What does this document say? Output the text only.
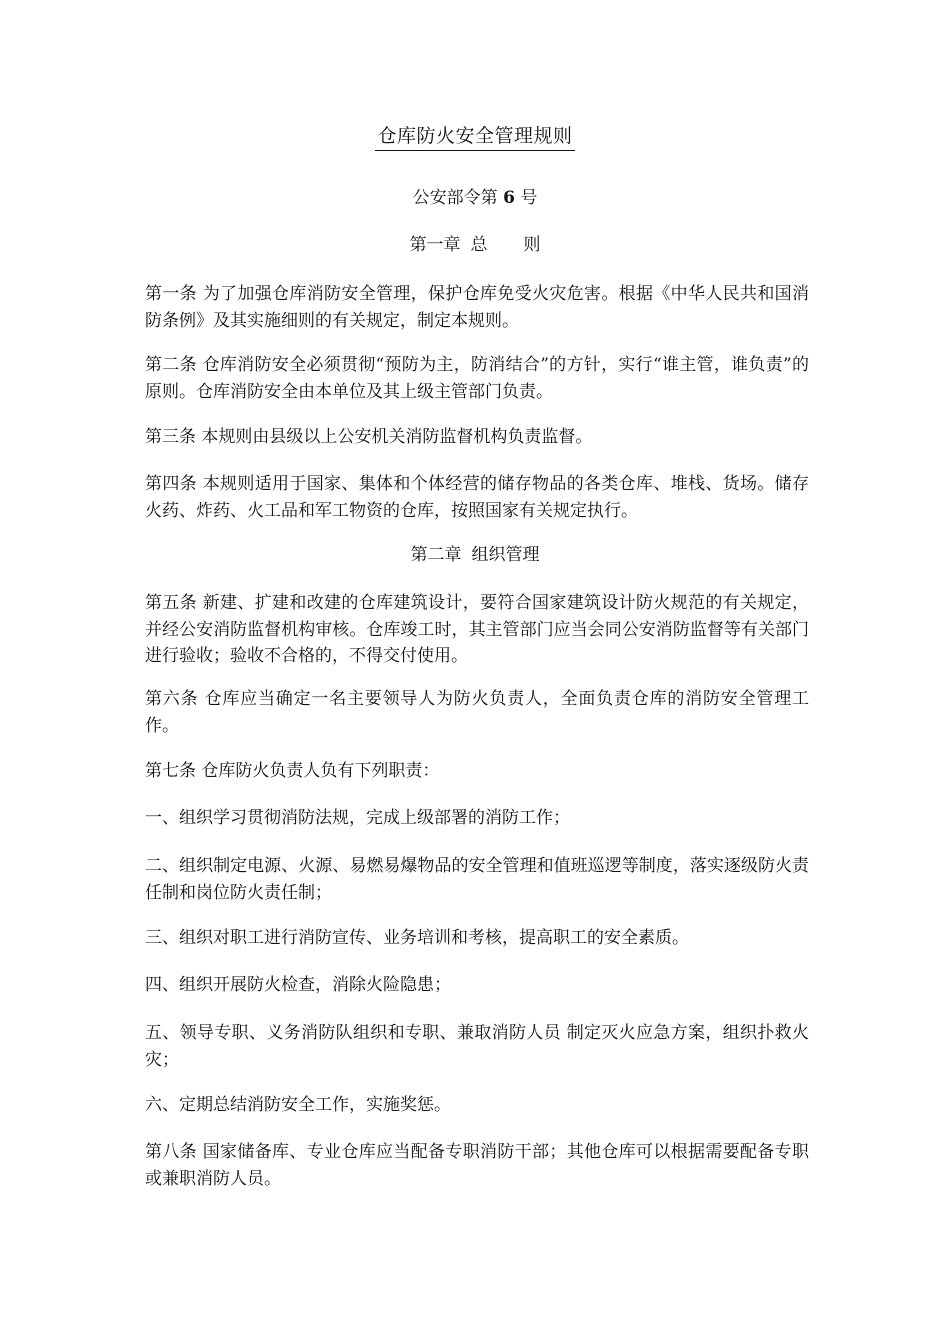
仓库防火安全管理规则
公安部令第 6 号
第一章 总 则

第一条 为了加强仓库消防安全管理，保护仓库免受火灾危害。根据《中华人民共和国消防条例》及其实施细则的有关规定，制定本规则。

第二条 仓库消防安全必须贯彻“预防为主，防消结合”的方针，实行“谁主管，谁负责”的原则。仓库消防安全由本单位及其上级主管部门负责。

第三条 本规则由县级以上公安机关消防监督机构负责监督。

第四条 本规则适用于国家、集体和个体经营的储存物品的各类仓库、堆栈、货场。储存火药、炸药、火工品和军工物资的仓库，按照国家有关规定执行。

第二章 组织管理

第五条 新建、扩建和改建的仓库建筑设计，要符合国家建筑设计防火规范的有关规定，并经公安消防监督机构审核。仓库竣工时，其主管部门应当会同公安消防监督等有关部门进行验收；验收不合格的，不得交付使用。

第六条 仓库应当确定一名主要领导人为防火负责人，全面负责仓库的消防安全管理工作。

第七条 仓库防火负责人负有下列职责：

一、组织学习贯彻消防法规，完成上级部署的消防工作；

二、组织制定电源、火源、易燃易爆物品的安全管理和值班巡逻等制度，落实逐级防火责任制和岗位防火责任制；

三、组织对职工进行消防宣传、业务培训和考核，提高职工的安全素质。

四、组织开展防火检查，消除火险隐患；

五、领导专职、义务消防队组织和专职、兼取消防人员 制定灭火应急方案，组织扑救火灾；

六、定期总结消防安全工作，实施奖惩。

第八条 国家储备库、专业仓库应当配备专职消防干部；其他仓库可以根据需要配备专职或兼职消防人员。
